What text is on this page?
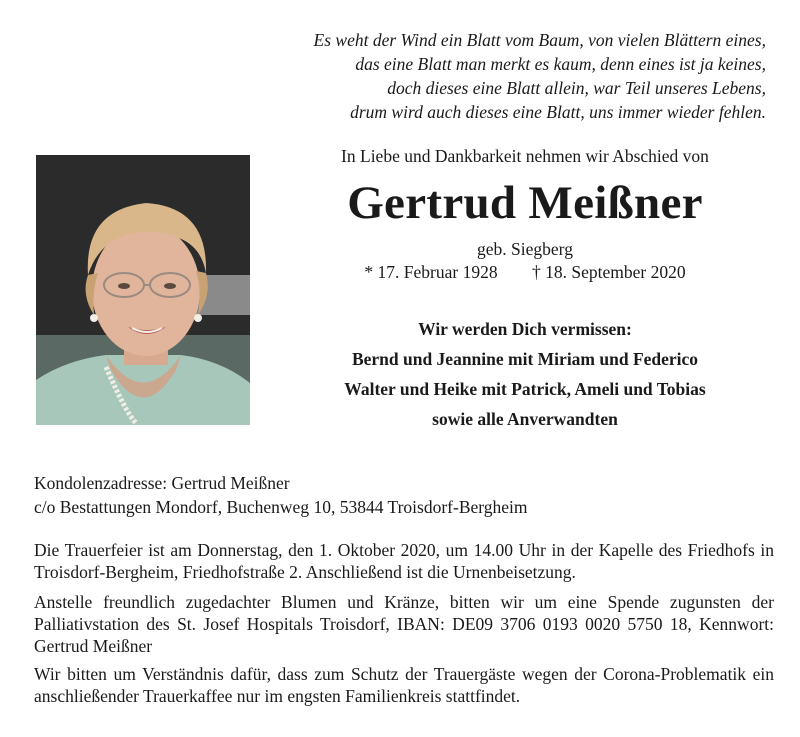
Es weht der Wind ein Blatt vom Baum, von vielen Blättern eines,
das eine Blatt man merkt es kaum, denn eines ist ja keines,
doch dieses eine Blatt allein, war Teil unseres Lebens,
drum wird auch dieses eine Blatt, uns immer wieder fehlen.
In Liebe und Dankbarkeit nehmen wir Abschied von
Gertrud Meißner
geb. Siegberg
* 17. Februar 1928 † 18. September 2020
Wir werden Dich vermissen:
Bernd und Jeannine mit Miriam und Federico
Walter und Heike mit Patrick, Ameli und Tobias
sowie alle Anverwandten
Kondolenzadresse: Gertrud Meißner
c/o Bestattungen Mondorf, Buchenweg 10, 53844 Troisdorf-Bergheim
Die Trauerfeier ist am Donnerstag, den 1. Oktober 2020, um 14.00 Uhr in der Kapelle des Friedhofs in Troisdorf-Bergheim, Friedhofstraße 2. Anschließend ist die Urnenbeisetzung.
Anstelle freundlich zugedachter Blumen und Kränze, bitten wir um eine Spende zugunsten der Palliativstation des St. Josef Hospitals Troisdorf, IBAN: DE09 3706 0193 0020 5750 18, Kennwort: Gertrud Meißner
Wir bitten um Verständnis dafür, dass zum Schutz der Trauergäste wegen der Corona-Problematik ein anschließender Trauerkaffee nur im engsten Familienkreis stattfindet.
